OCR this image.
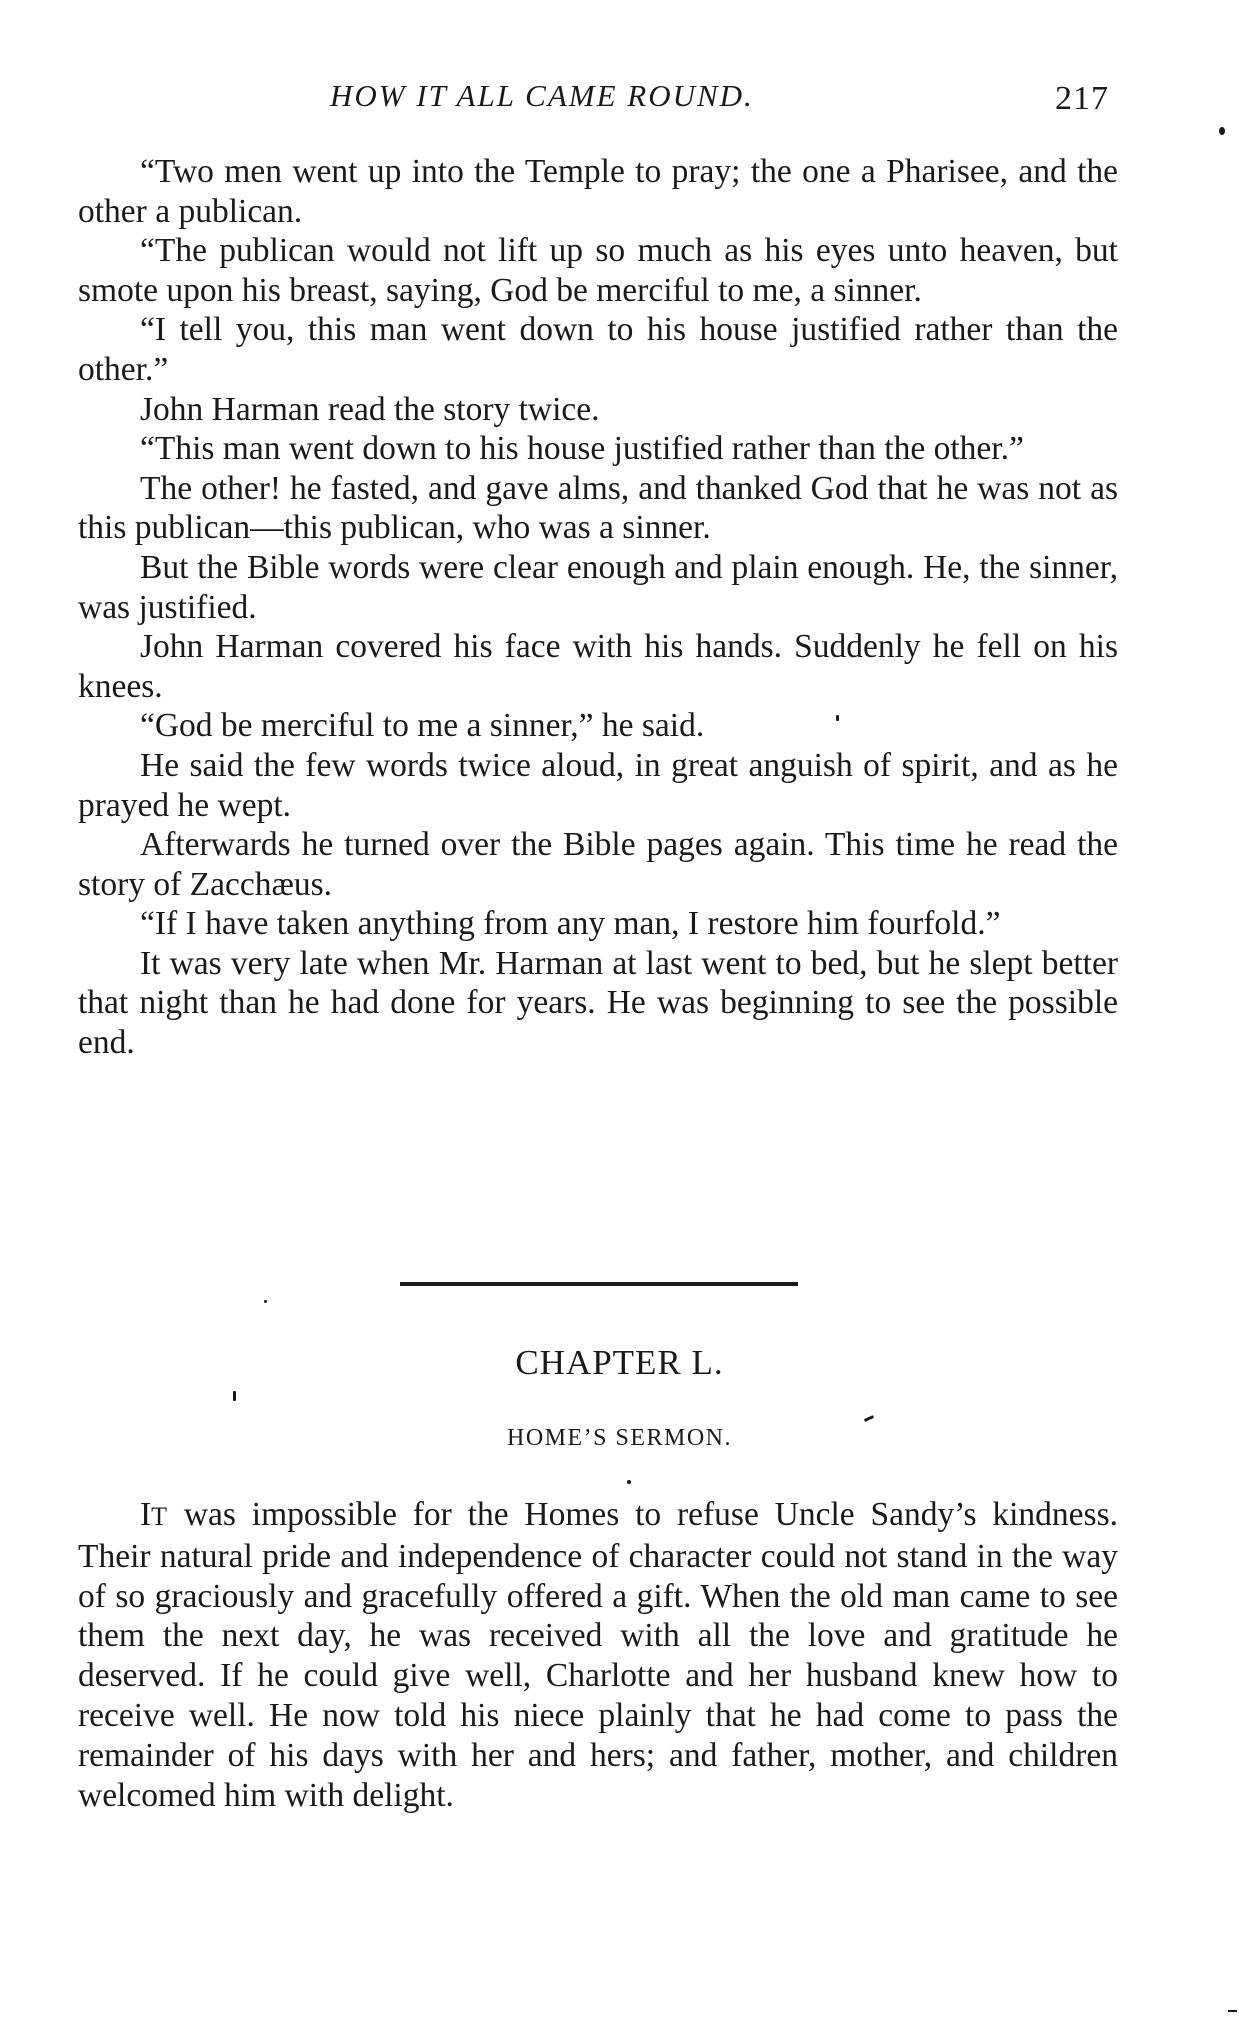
HOW IT ALL CAME ROUND.	217

“Two men went up into the Temple to pray; the one a Pharisee, and the other a publican.

“The publican would not lift up so much as his eyes unto heaven, but smote upon his breast, saying, God be merciful to me, a sinner.

“I tell you, this man went down to his house justified rather than the other.”

John Harman read the story twice.

“This man went down to his house justified rather than the other.”

The other! he fasted, and gave alms, and thanked God that he was not as this publican—this publican, who was a sinner.

But the Bible words were clear enough and plain enough. He, the sinner, was justified.

John Harman covered his face with his hands. Suddenly he fell on his knees.

“God be merciful to me a sinner,” he said.

He said the few words twice aloud, in great anguish of spirit, and as he prayed he wept.

Afterwards he turned over the Bible pages again. This time he read the story of Zacchæus.

“If I have taken anything from any man, I restore him fourfold.”

It was very late when Mr. Harman at last went to bed, but he slept better that night than he had done for years. He was beginning to see the possible end.

CHAPTER L.
HOME’S SERMON.

IT was impossible for the Homes to refuse Uncle Sandy’s kindness. Their natural pride and independence of character could not stand in the way of so graciously and gracefully offered a gift. When the old man came to see them the next day, he was received with all the love and gratitude he deserved. If he could give well, Charlotte and her husband knew how to receive well. He now told his niece plainly that he had come to pass the remainder of his days with her and hers; and father, mother, and children welcomed him with delight.
